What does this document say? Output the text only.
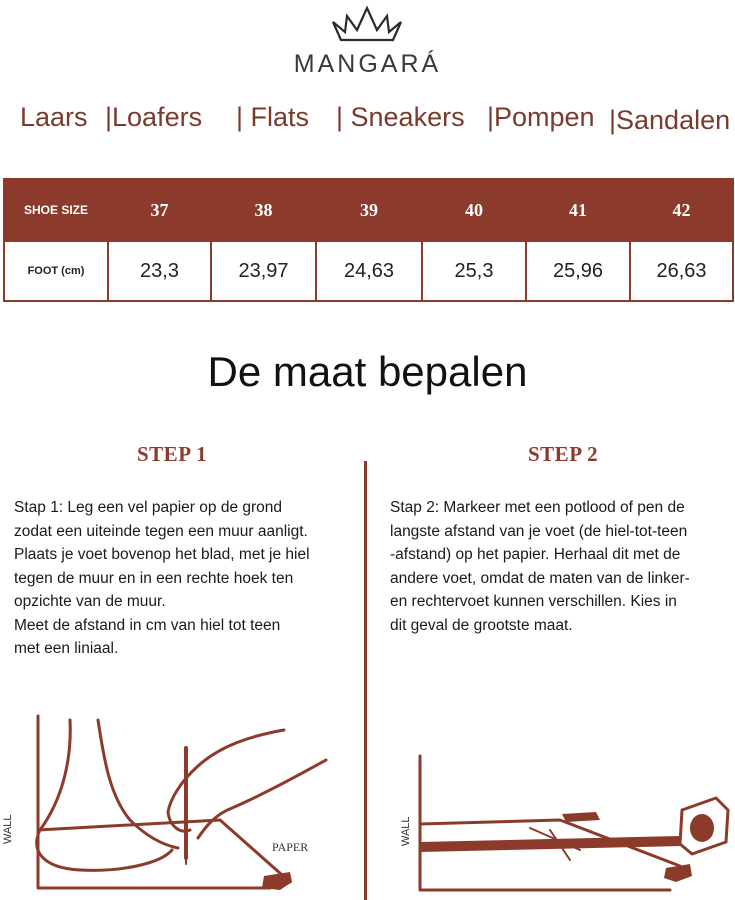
MANGARÁ
Laars |Loafers | Flats | Sneakers |Pompen |Sandalen
SHOE SIZE	37	38	39	40	41	42
FOOT (cm)	23,3	23,97	24,63	25,3	25,96	26,63
De maat bepalen
STEP 1	STEP 2

Stap 1: Leg een vel papier op de grond

zodat een uiteinde tegen een muur aanligt.

Plaats je voet bovenop het blad, met je hiel

tegen de muur en in een rechte hoek ten

opzichte van de muur.

Meet de afstand in cm van hiel tot teen

met een liniaal.

Stap 2: Markeer met een potlood of pen de

langste afstand van je voet (de hiel-tot-teen

-afstand) op het papier. Herhaal dit met de

andere voet, omdat de maten van de linker-

en rechtervoet kunnen verschillen. Kies in

dit geval de grootste maat.

WALL
PAPER
WALL
